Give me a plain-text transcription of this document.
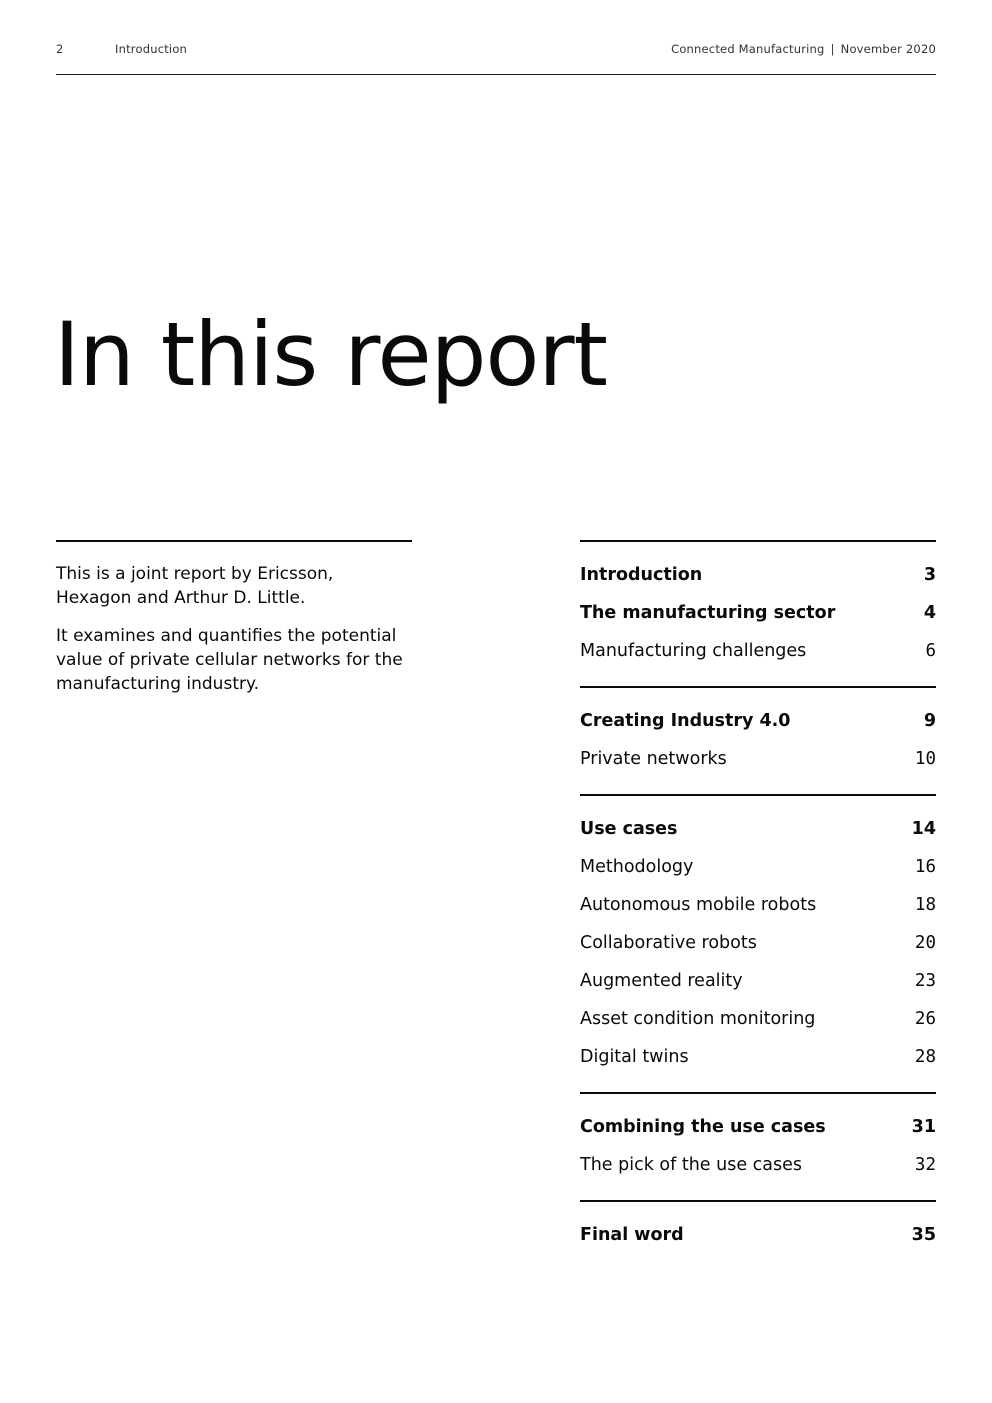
2	Introduction	Connected Manufacturing | November 2020
In this report

This is a joint report by Ericsson, Hexagon and Arthur D. Little.

It examines and quantifies the potential value of private cellular networks for the manufacturing industry.

Introduction	3
The manufacturing sector	4
Manufacturing challenges	6
Creating Industry 4.0	9
Private networks	10
Use cases	14
Methodology	16
Autonomous mobile robots	18
Collaborative robots	20
Augmented reality	23
Asset condition monitoring	26
Digital twins	28
Combining the use cases	31
The pick of the use cases	32
Final word	35
